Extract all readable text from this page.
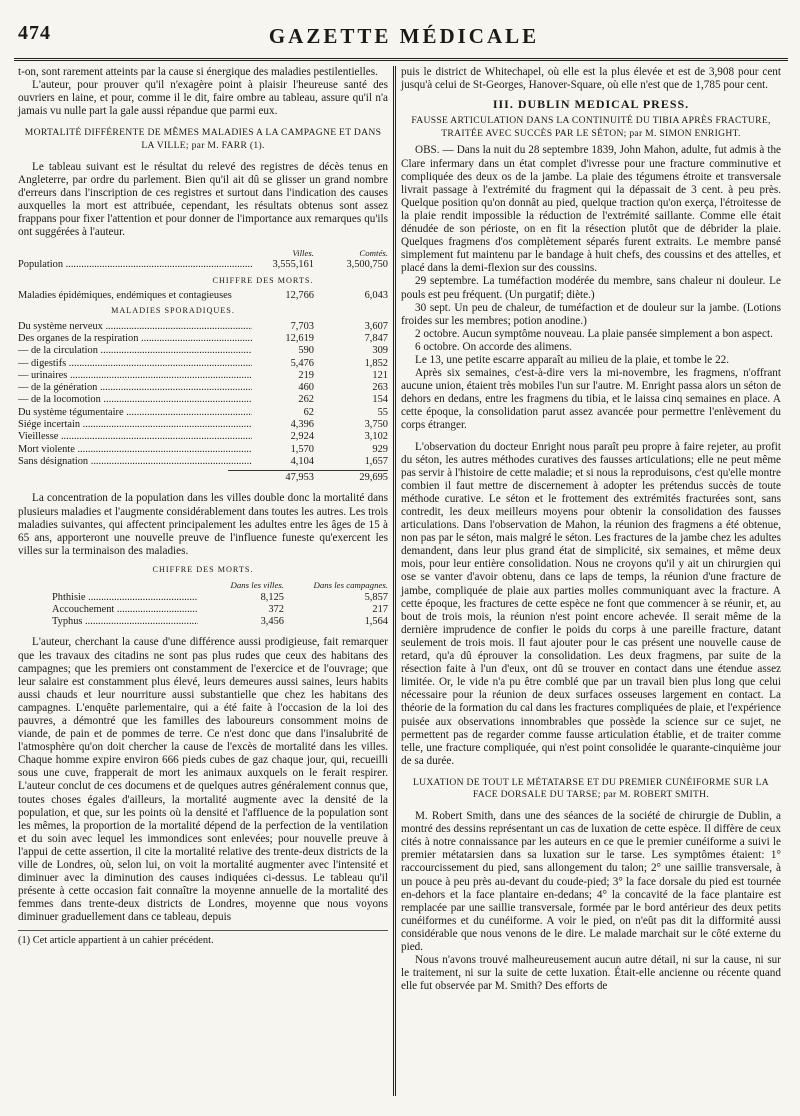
474	GAZETTE MÉDICALE

t-on, sont rarement atteints par la cause si énergique des maladies pestilentielles.

L'auteur, pour prouver qu'il n'exagère point à plaisir l'heureuse santé des ouvriers en laine, et pour, comme il le dit, faire ombre au tableau, assure qu'il n'a jamais vu nulle part la gale aussi répandue que parmi eux.

MORTALITÉ DIFFÉRENTE DE MÊMES MALADIES A LA CAMPAGNE ET DANS LA VILLE; par M. FARR (1).

Le tableau suivant est le résultat du relevé des registres de décès tenus en Angleterre, par ordre du parlement. Bien qu'il ait dû se glisser un grand nombre d'erreurs dans l'inscription de ces registres et surtout dans l'indication des causes auxquelles la mort est attribuée, cependant, les résultats obtenus sont assez frappans pour fixer l'attention et pour donner de l'importance aux remarques qu'ils ont suggérées à l'auteur.

Villes.	Comtés.
Population .....	3,555,161	3,500,750
CHIFFRE DES MORTS.
Maladies épidémiques, endémiques et contagieuses	12,766	6,043
MALADIES SPORADIQUES.
Du système nerveux .....	7,703	3,607
Des organes de la respiration .....	12,619	7,847
— de la circulation .....	590	309
— digestifs .....	5,476	1,852
— urinaires .....	219	121
— de la génération .....	460	263
— de la locomotion .....	262	154
Du système tégumentaire .....	62	55
Siége incertain .....	4,396	3,750
Vieillesse .....	2,924	3,102
Mort violente .....	1,570	929
Sans désignation .....	4,104	1,657
47,953	29,695

La concentration de la population dans les villes double donc la mortalité dans plusieurs maladies et l'augmente considérablement dans toutes les autres. Les trois maladies suivantes, qui affectent principalement les adultes entre les âges de 15 à 65 ans, apporteront une nouvelle preuve de l'influence funeste qu'exercent les villes sur la terminaison des maladies.

CHIFFRE DES MORTS.
Dans les villes.	Dans les campagnes.
Phthisie .....	8,125	5,857
Accouchement .....	372	217
Typhus .....	3,456	1,564

L'auteur, cherchant la cause d'une différence aussi prodigieuse, fait remarquer que les travaux des citadins ne sont pas plus rudes que ceux des habitans des campagnes; que les premiers ont constamment de l'exercice et de l'ouvrage; que leur salaire est constamment plus élevé, leurs demeures aussi saines, leurs habits aussi chauds et leur nourriture aussi substantielle que chez les habitans des campagnes. L'enquête parlementaire, qui a été faite à l'occasion de la loi des pauvres, a démontré que les familles des laboureurs consomment moins de viande, de pain et de pommes de terre. Ce n'est donc que dans l'insalubrité de l'atmosphère qu'on doit chercher la cause de l'excès de mortalité dans les villes. Chaque homme expire environ 666 pieds cubes de gaz chaque jour, qui, recueilli sous une cuve, frapperait de mort les animaux auxquels on le ferait respirer. L'auteur conclut de ces documens et de quelques autres généralement connus que, toutes choses égales d'ailleurs, la mortalité augmente avec la densité de la population, et que, sur les points où la densité et l'affluence de la population sont les mêmes, la proportion de la mortalité dépend de la perfection de la ventilation et du soin avec lequel les immondices sont enlevées; pour nouvelle preuve à l'appui de cette assertion, il cite la mortalité relative des trente-deux districts de la ville de Londres, où, selon lui, on voit la mortalité augmenter avec l'intensité et diminuer avec la diminution des causes indiquées ci-dessus. Le tableau qu'il présente à cette occasion fait connaître la moyenne annuelle de la mortalité des femmes dans trente-deux districts de Londres, moyenne que nous voyons diminuer graduellement dans ce tableau, depuis

(1) Cet article appartient à un cahier précédent.

puis le district de Whitechapel, où elle est la plus élevée et est de 3,908 pour cent jusqu'à celui de St-Georges, Hanover-Square, où elle n'est que de 1,785 pour cent.

III. DUBLIN MEDICAL PRESS.
FAUSSE ARTICULATION DANS LA CONTINUITÉ DU TIBIA APRÈS FRACTURE, TRAITÉE AVEC SUCCÈS PAR LE SÉTON; par M. SIMON ENRIGHT.

OBS. — Dans la nuit du 28 septembre 1839, John Mahon, adulte, fut admis à the Clare infermary dans un état complet d'ivresse pour une fracture comminutive et compliquée des deux os de la jambe. La plaie des tégumens étroite et transversale livrait passage à l'extrémité du fragment qui la dépassait de 3 cent. à peu près. Quelque position qu'on donnât au pied, quelque traction qu'on exerça, l'étroitesse de la plaie rendit impossible la réduction de l'extrémité saillante. Comme elle était dénudée de son périoste, on en fit la résection plutôt que de débrider la plaie. Quelques fragmens d'os complètement séparés furent extraits. Le membre pansé simplement fut maintenu par le bandage à huit chefs, des coussins et des attelles, et placé dans la demi-flexion sur des coussins.

29 septembre. La tuméfaction modérée du membre, sans chaleur ni douleur. Le pouls est peu fréquent. (Un purgatif; diète.)

30 sept. Un peu de chaleur, de tuméfaction et de douleur sur la jambe. (Lotions froides sur les membres; potion anodine.)

2 octobre. Aucun symptôme nouveau. La plaie pansée simplement a bon aspect.

6 octobre. On accorde des alimens.

Le 13, une petite escarre apparaît au milieu de la plaie, et tombe le 22.

Après six semaines, c'est-à-dire vers la mi-novembre, les fragmens, n'offrant aucune union, étaient très mobiles l'un sur l'autre. M. Enright passa alors un séton de dehors en dedans, entre les fragmens du tibia, et le laissa cinq semaines en place. A cette époque, la consolidation parut assez avancée pour permettre l'enlèvement du corps étranger.

L'observation du docteur Enright nous paraît peu propre à faire rejeter, au profit du séton, les autres méthodes curatives des fausses articulations; elle ne peut même pas servir à l'histoire de cette maladie; et si nous la reproduisons, c'est qu'elle montre combien il faut mettre de discernement à adopter les prétendus succès de toute méthode curative. Le séton et le frottement des extrémités fracturées sont, sans contredit, les deux meilleurs moyens pour obtenir la consolidation des fausses articulations. Dans l'observation de Mahon, la réunion des fragmens a été obtenue, non pas par le séton, mais malgré le séton. Les fractures de la jambe chez les adultes demandent, dans leur plus grand état de simplicité, six semaines, et même deux mois, pour leur entière consolidation. Nous ne croyons qu'il y ait un chirurgien qui ose se vanter d'avoir obtenu, dans ce laps de temps, la réunion d'une fracture de jambe, compliquée de plaie aux parties molles communiquant avec la fracture. A cette époque, les fractures de cette espèce ne font que commencer à se réunir, et, au bout de trois mois, la réunion n'est point encore achevée. Il serait même de la dernière imprudence de confier le poids du corps à une pareille fracture, datant seulement de trois mois. Il faut ajouter pour le cas présent une nouvelle cause de retard, qu'a dû éprouver la consolidation. Les deux fragmens, par suite de la résection faite à l'un d'eux, ont dû se trouver en contact dans une étendue assez limitée. Or, le vide n'a pu être comblé que par un travail bien plus long que celui nécessaire pour la réunion de deux surfaces osseuses largement en contact. La théorie de la formation du cal dans les fractures compliquées de plaie, et l'expérience puisée aux observations innombrables que possède la science sur ce sujet, ne permettent pas de regarder comme fausse articulation établie, et de traiter comme telle, une fracture compliquée, qui n'est point consolidée le quarante-cinquième jour de sa durée.

LUXATION DE TOUT LE MÉTATARSE ET DU PREMIER CUNÉIFORME SUR LA FACE DORSALE DU TARSE; par M. ROBERT SMITH.

M. Robert Smith, dans une des séances de la société de chirurgie de Dublin, a montré des dessins représentant un cas de luxation de cette espèce. Il diffère de ceux cités à notre connaissance par les auteurs en ce que le premier cunéiforme a suivi le premier métatarsien dans sa luxation sur le tarse. Les symptômes étaient: 1° raccourcissement du pied, sans allongement du talon; 2° une saillie transversale, à un pouce à peu près au-devant du coude-pied; 3° la face dorsale du pied est tournée en-dehors et la face plantaire en-dedans; 4° la concavité de la face plantaire est remplacée par une saillie transversale, formée par le bord antérieur des deux petits cunéiformes et du cunéiforme. A voir le pied, on n'eût pas dit la difformité aussi considérable que nous venons de le dire. Le malade marchait sur le côté externe du pied.

Nous n'avons trouvé malheureusement aucun autre détail, ni sur la cause, ni sur le traitement, ni sur la suite de cette luxation. Était-elle ancienne ou récente quand elle fut observée par M. Smith? Des efforts de
